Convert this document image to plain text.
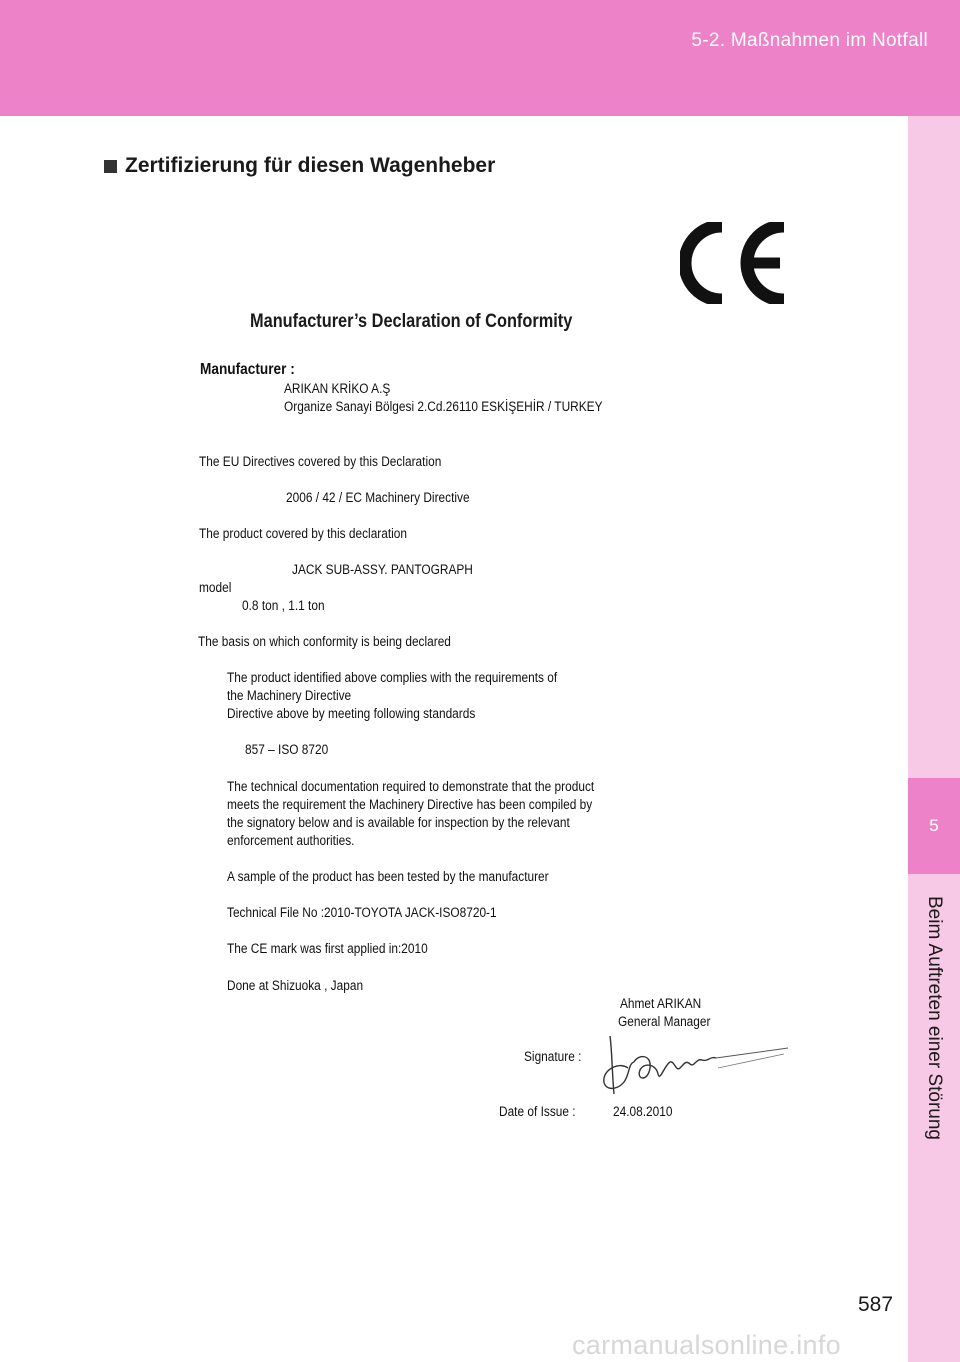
5-2. Maßnahmen im Notfall
5
Beim Auftreten einer Störung
Zertifizierung für diesen Wagenheber
Manufacturer’s Declaration of Conformity
Manufacturer :
ARIKAN KRİKO A.Ş
Organize Sanayi Bölgesi 2.Cd.26110 ESKİŞEHİR / TURKEY
The EU Directives covered by this Declaration
2006 / 42 / EC Machinery Directive
The product covered by this declaration
JACK SUB-ASSY. PANTOGRAPH
model
0.8 ton , 1.1 ton
The basis on which conformity is being declared
The product identified above complies with the requirements of
the Machinery Directive
Directive above by meeting following standards
857 – ISO 8720
The technical documentation required to demonstrate that the product
meets the requirement the Machinery Directive has been compiled by
the signatory below and is available for inspection by the relevant
enforcement authorities.
A sample of the product has been tested by the manufacturer
Technical File No :2010-TOYOTA JACK-ISO8720-1
The CE mark was first applied in:2010
Done at Shizuoka , Japan
Ahmet ARIKAN
General Manager
Signature :
Date of Issue :	24.08.2010
587
carmanualsonline.info
